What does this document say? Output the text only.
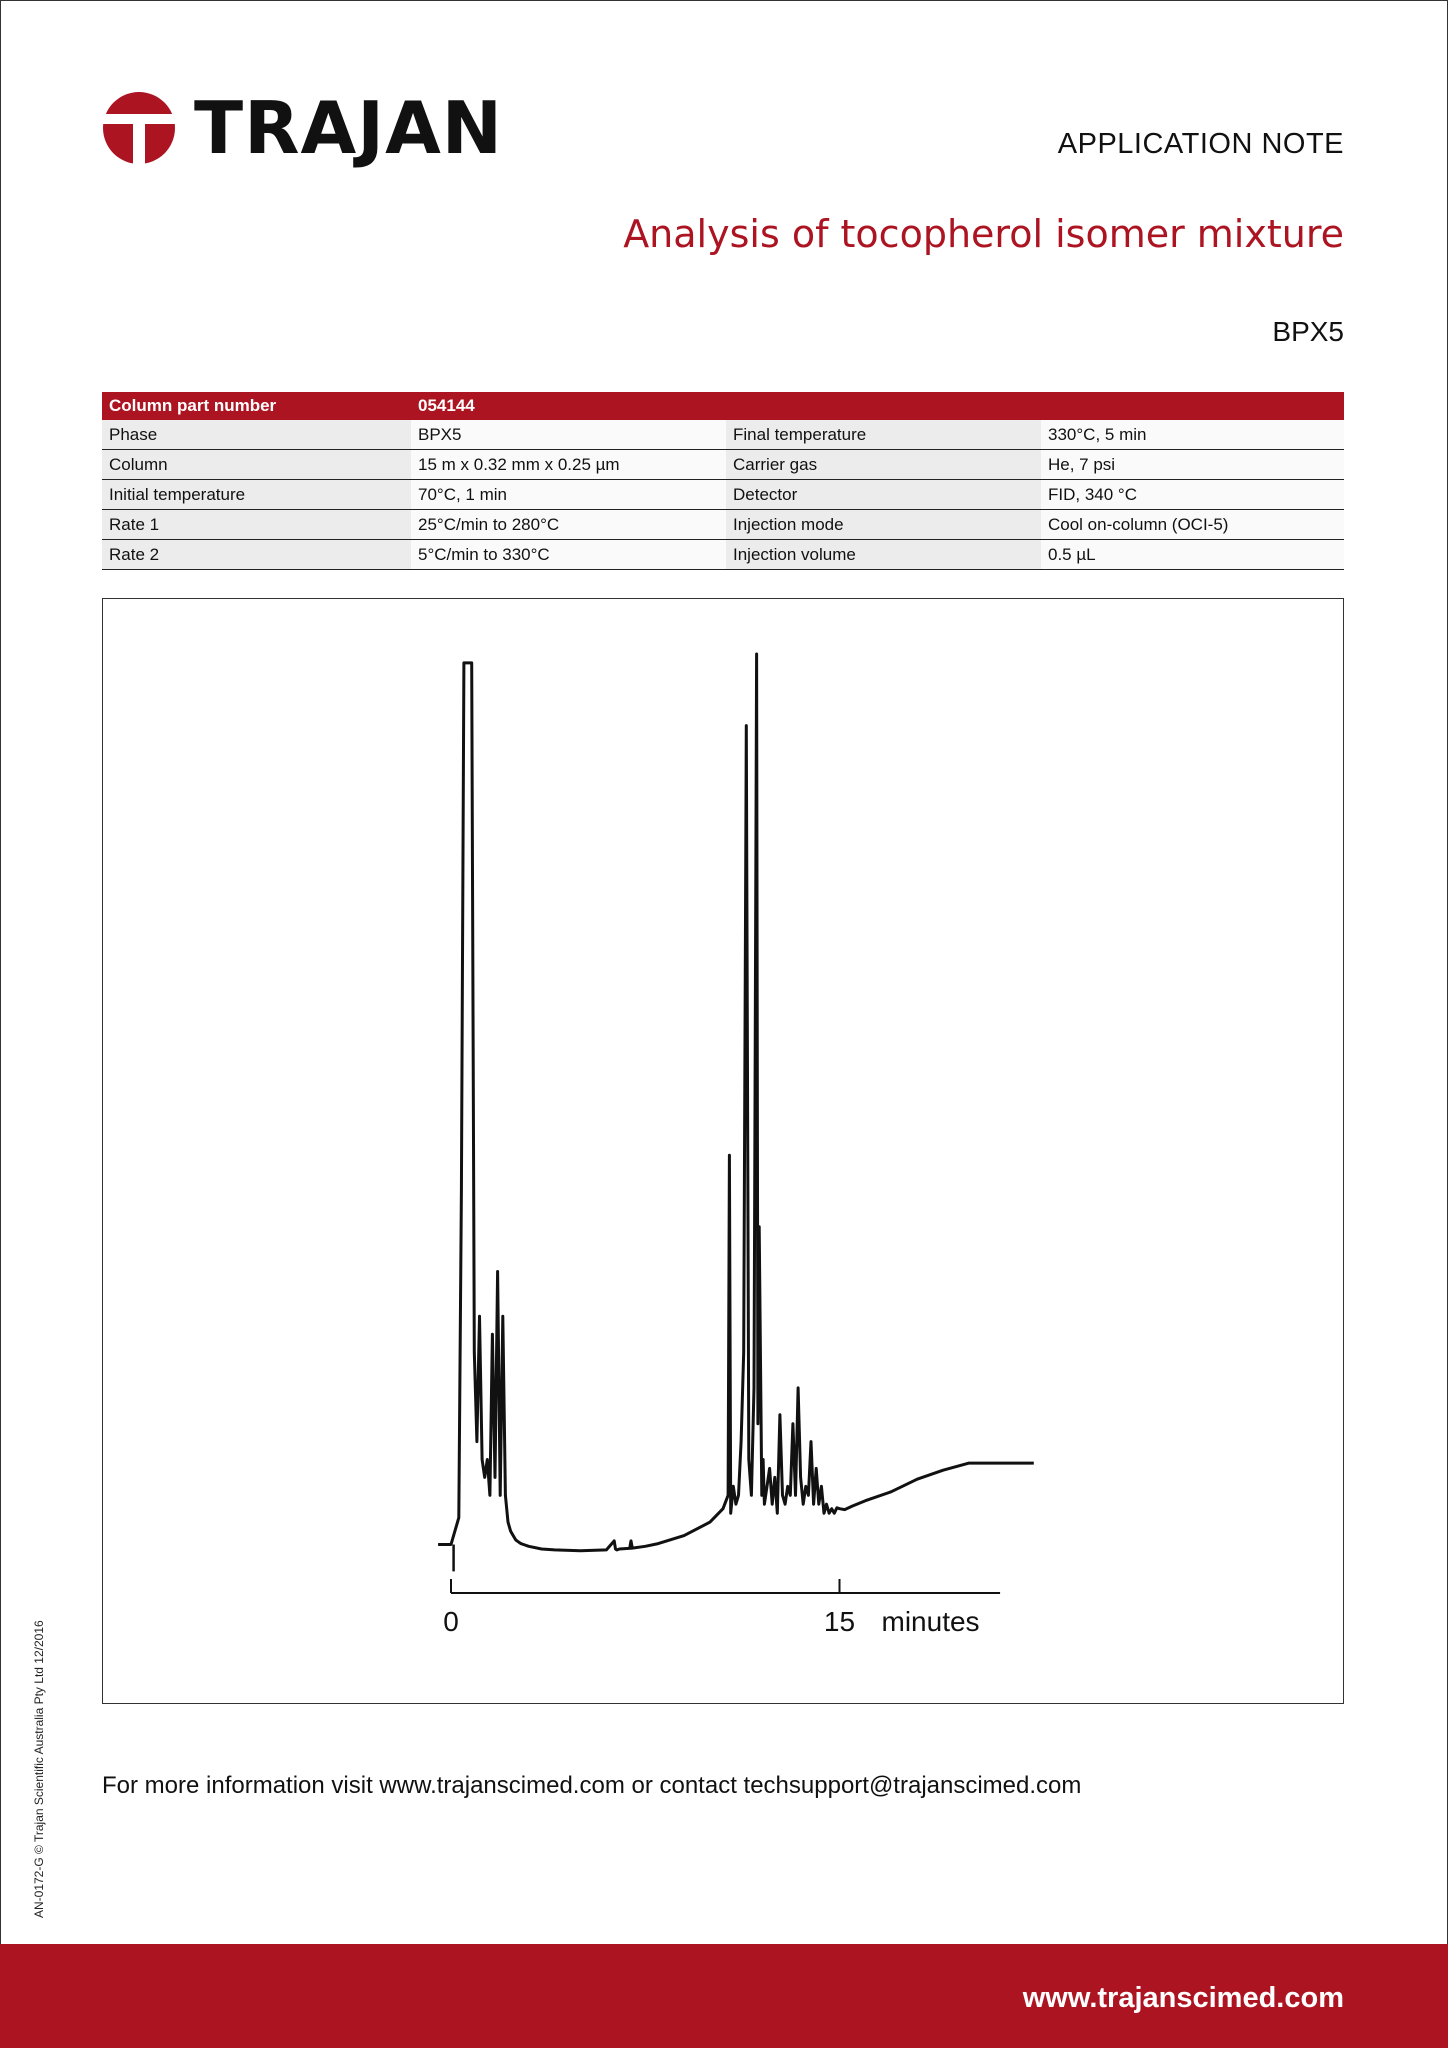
TRAJAN	APPLICATION NOTE
Analysis of tocopherol isomer mixture
BPX5
Column part number	054144		
Phase	BPX5	Final temperature	330°C, 5 min
Column	15 m x 0.32 mm x 0.25 µm	Carrier gas	He, 7 psi
Initial temperature	70°C, 1 min	Detector	FID, 340 °C
Rate 1	25°C/min to 280°C	Injection mode	Cool on-column (OCI-5)
Rate 2	5°C/min to 330°C	Injection volume	0.5 µL
0	15 minutes
For more information visit www.trajanscimed.com or contact techsupport@trajanscimed.com
AN-0172-G © Trajan Scientific Australia Pty Ltd 12/2016
www.trajanscimed.com
